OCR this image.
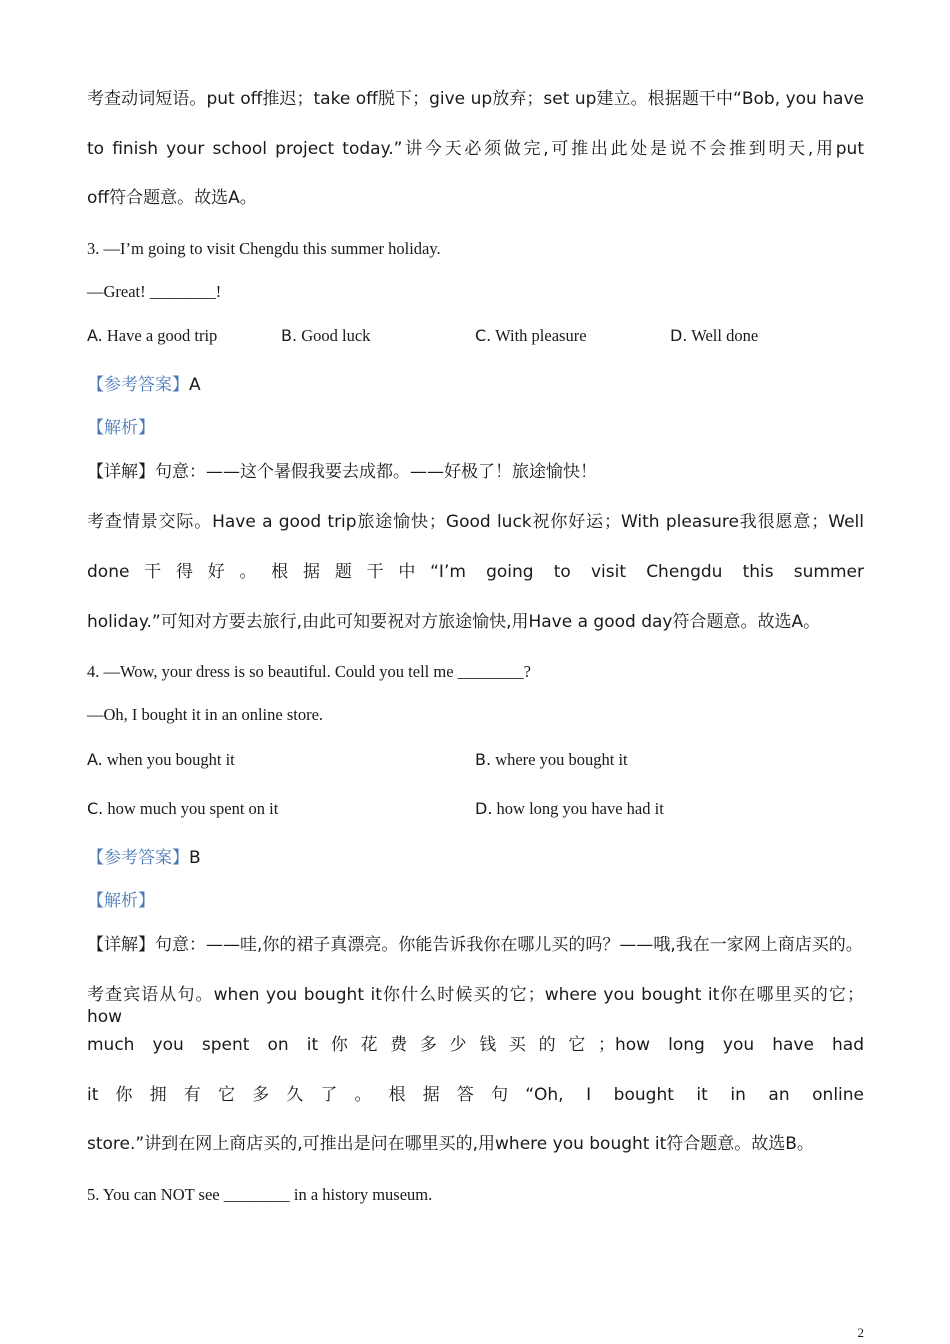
考查动词短语。put off推迟；take off脱下；give up放弃；set up建立。根据题干中“Bob, you have
to finish your school project today.”讲今天必须做完,可推出此处是说不会推到明天,用put
off符合题意。故选A。
3. —I’m going to visit Chengdu this summer holiday.
—Great! ________!
A. Have a good trip	B. Good luck	C. With pleasure	D. Well done
【参考答案】A
【解析】
【详解】句意：——这个暑假我要去成都。——好极了！旅途愉快！
考查情景交际。Have a good trip旅途愉快；Good luck祝你好运；With pleasure我很愿意；Well
done干得好。根据题干中“I’m going to visit Chengdu this summer
holiday.”可知对方要去旅行,由此可知要祝对方旅途愉快,用Have a good day符合题意。故选A。
4. —Wow, your dress is so beautiful. Could you tell me ________?
—Oh, I bought it in an online store.
A. when you bought it	B. where you bought it
C. how much you spent on it	D. how long you have had it
【参考答案】B
【解析】
【详解】句意：——哇,你的裙子真漂亮。你能告诉我你在哪儿买的吗？——哦,我在一家网上商店买的。
考查宾语从句。when you bought it你什么时候买的它；where you bought it你在哪里买的它；how
much you spent on it你花费多少钱买的它；how long you have had
it你拥有它多久了。根据答句“Oh, I bought it in an online
store.”讲到在网上商店买的,可推出是问在哪里买的,用where you bought it符合题意。故选B。
5. You can NOT see ________ in a history museum.
2
